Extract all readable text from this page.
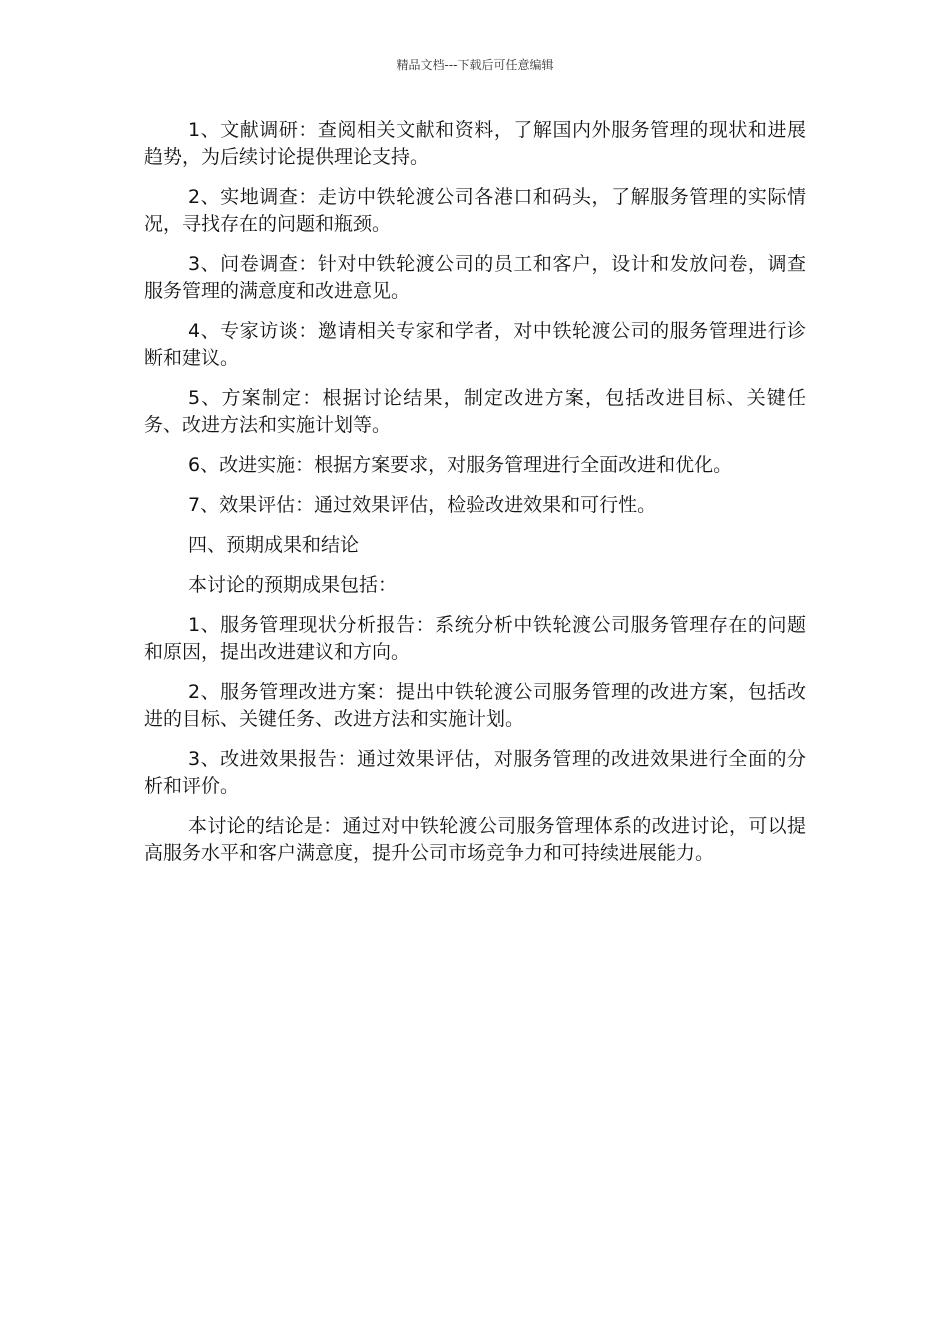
精品文档---下载后可任意编辑

1、文献调研：查阅相关文献和资料，了解国内外服务管理的现状和进展趋势，为后续讨论提供理论支持。

2、实地调查：走访中铁轮渡公司各港口和码头，了解服务管理的实际情况，寻找存在的问题和瓶颈。

3、问卷调查：针对中铁轮渡公司的员工和客户，设计和发放问卷，调查服务管理的满意度和改进意见。

4、专家访谈：邀请相关专家和学者，对中铁轮渡公司的服务管理进行诊断和建议。

5、方案制定：根据讨论结果，制定改进方案，包括改进目标、关键任务、改进方法和实施计划等。

6、改进实施：根据方案要求，对服务管理进行全面改进和优化。

7、效果评估：通过效果评估，检验改进效果和可行性。

四、预期成果和结论

本讨论的预期成果包括：

1、服务管理现状分析报告：系统分析中铁轮渡公司服务管理存在的问题和原因，提出改进建议和方向。

2、服务管理改进方案：提出中铁轮渡公司服务管理的改进方案，包括改进的目标、关键任务、改进方法和实施计划。

3、改进效果报告：通过效果评估，对服务管理的改进效果进行全面的分析和评价。

本讨论的结论是：通过对中铁轮渡公司服务管理体系的改进讨论，可以提高服务水平和客户满意度，提升公司市场竞争力和可持续进展能力。
